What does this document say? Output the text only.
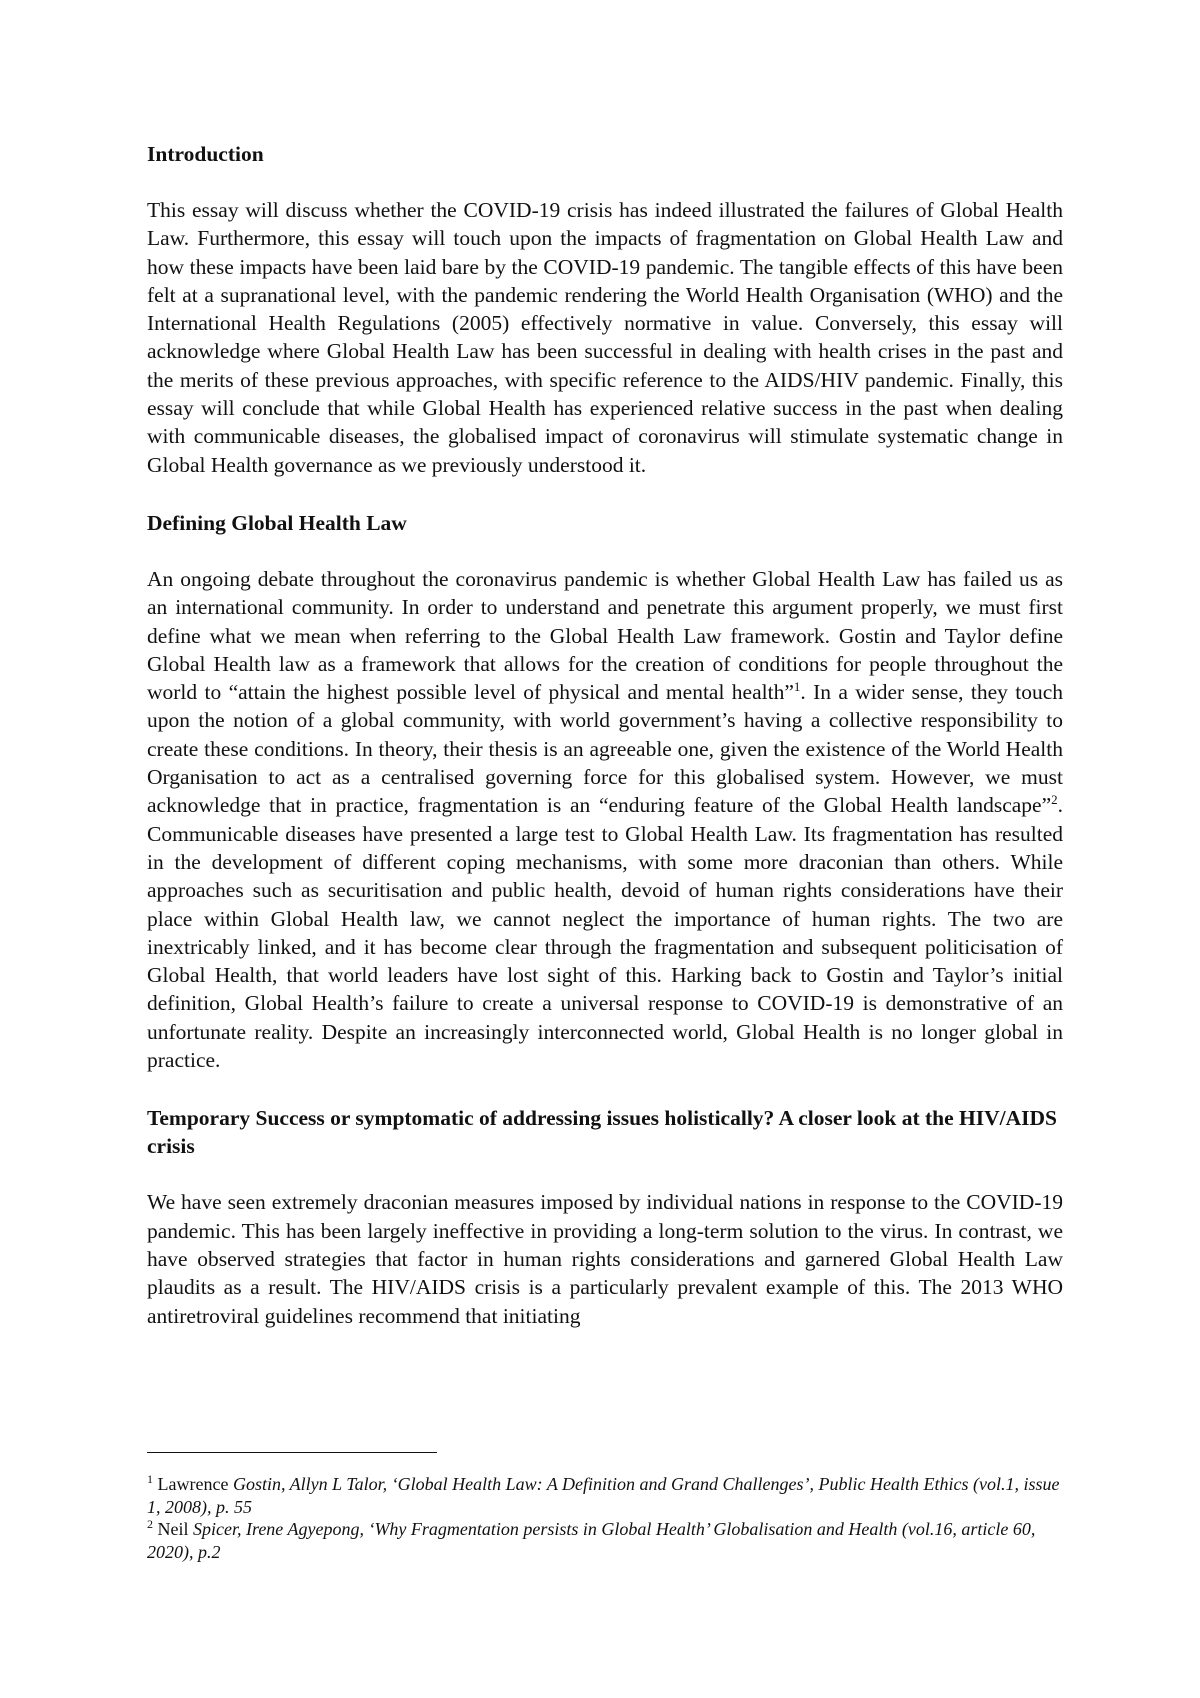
Introduction

This essay will discuss whether the COVID-19 crisis has indeed illustrated the failures of Global Health Law. Furthermore, this essay will touch upon the impacts of fragmentation on Global Health Law and how these impacts have been laid bare by the COVID-19 pandemic. The tangible effects of this have been felt at a supranational level, with the pandemic rendering the World Health Organisation (WHO) and the International Health Regulations (2005) effectively normative in value. Conversely, this essay will acknowledge where Global Health Law has been successful in dealing with health crises in the past and the merits of these previous approaches, with specific reference to the AIDS/HIV pandemic. Finally, this essay will conclude that while Global Health has experienced relative success in the past when dealing with communicable diseases, the globalised impact of coronavirus will stimulate systematic change in Global Health governance as we previously understood it.

Defining Global Health Law

An ongoing debate throughout the coronavirus pandemic is whether Global Health Law has failed us as an international community. In order to understand and penetrate this argument properly, we must first define what we mean when referring to the Global Health Law framework. Gostin and Taylor define Global Health law as a framework that allows for the creation of conditions for people throughout the world to “attain the highest possible level of physical and mental health”$^1$. In a wider sense, they touch upon the notion of a global community, with world government’s having a collective responsibility to create these conditions. In theory, their thesis is an agreeable one, given the existence of the World Health Organisation to act as a centralised governing force for this globalised system. However, we must acknowledge that in practice, fragmentation is an “enduring feature of the Global Health landscape”$^2$. Communicable diseases have presented a large test to Global Health Law. Its fragmentation has resulted in the development of different coping mechanisms, with some more draconian than others. While approaches such as securitisation and public health, devoid of human rights considerations have their place within Global Health law, we cannot neglect the importance of human rights. The two are inextricably linked, and it has become clear through the fragmentation and subsequent politicisation of Global Health, that world leaders have lost sight of this. Harking back to Gostin and Taylor’s initial definition, Global Health’s failure to create a universal response to COVID-19 is demonstrative of an unfortunate reality. Despite an increasingly interconnected world, Global Health is no longer global in practice.

Temporary Success or symptomatic of addressing issues holistically? A closer look at the HIV/AIDS crisis

We have seen extremely draconian measures imposed by individual nations in response to the COVID-19 pandemic. This has been largely ineffective in providing a long-term solution to the virus. In contrast, we have observed strategies that factor in human rights considerations and garnered Global Health Law plaudits as a result. The HIV/AIDS crisis is a particularly prevalent example of this. The 2013 WHO antiretroviral guidelines recommend that initiating

$^1$ Lawrence Gostin, Allyn L Talor, ‘Global Health Law: A Definition and Grand Challenges’, Public Health Ethics (vol.1, issue 1, 2008), p. 55

$^2$ Neil Spicer, Irene Agyepong, ‘Why Fragmentation persists in Global Health’ Globalisation and Health (vol.16, article 60, 2020), p.2
